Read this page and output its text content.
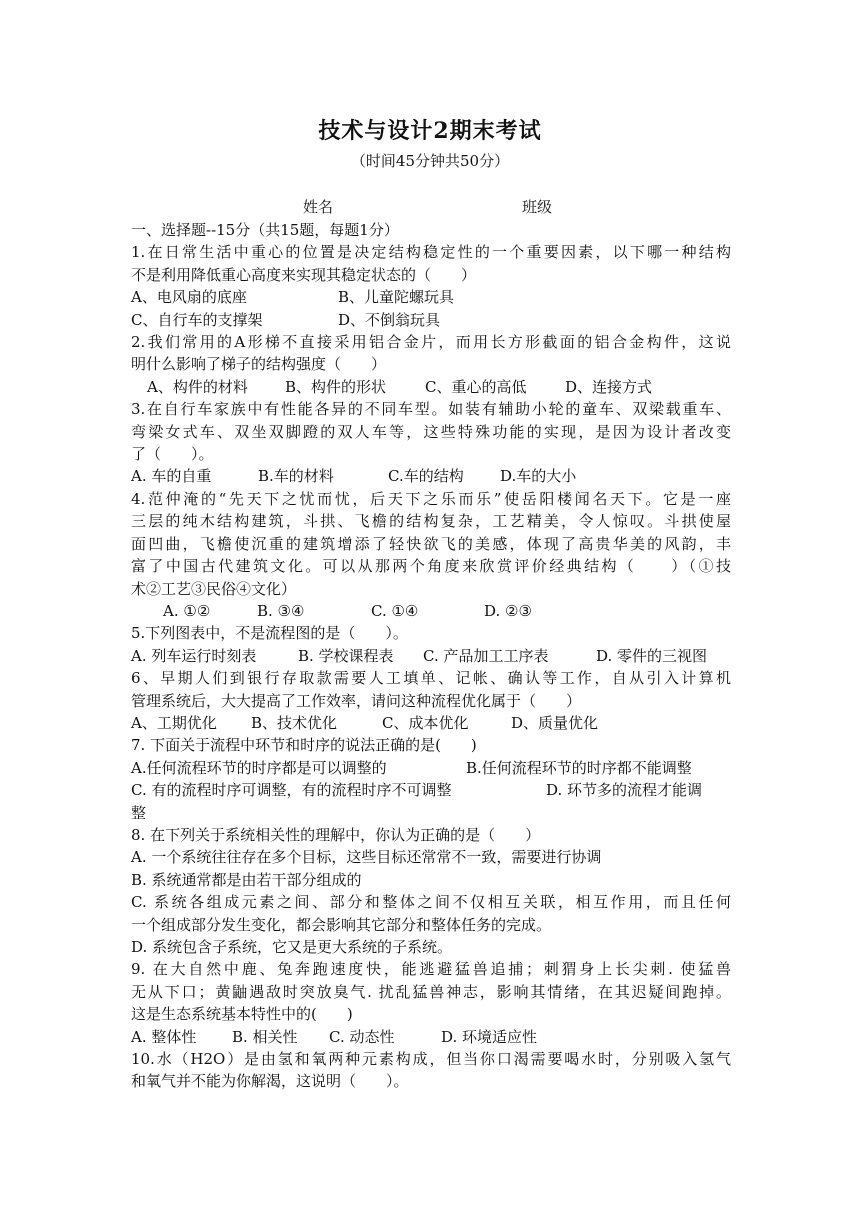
技术与设计2期末考试
（时间45分钟共50分）
姓名	班级
一、选择题--15分（共15题，每题1分）
1.在日常生活中重心的位置是决定结构稳定性的一个重要因素，以下哪一种结构
不是利用降低重心高度来实现其稳定状态的（　　）
A、电风扇的底座	B、儿童陀螺玩具
C、自行车的支撑架	D、不倒翁玩具
2.我们常用的A形梯不直接采用铝合金片，而用长方形截面的铝合金构件，这说
明什么影响了梯子的结构强度（　　）
A、构件的材料	B、构件的形状	C、重心的高低	D、连接方式
3.在自行车家族中有性能各异的不同车型。如装有辅助小轮的童车、双梁载重车、
弯梁女式车、双坐双脚蹬的双人车等，这些特殊功能的实现，是因为设计者改变
了（　　）。
A. 车的自重	B.车的材料	C.车的结构	D.车的大小
4.范仲淹的“先天下之忧而忧，后天下之乐而乐”使岳阳楼闻名天下。它是一座
三层的纯木结构建筑，斗拱、飞檐的结构复杂，工艺精美，令人惊叹。斗拱使屋
面凹曲，飞檐使沉重的建筑增添了轻快欲飞的美感，体现了高贵华美的风韵，丰
富了中国古代建筑文化。可以从那两个角度来欣赏评价经典结构（　　）（①技
术②工艺③民俗④文化）
A. ①②	B. ③④	C. ①④	D. ②③
5.下列图表中，不是流程图的是（　　）。
A. 列车运行时刻表	B. 学校课程表	C. 产品加工工序表	D. 零件的三视图
6、早期人们到银行存取款需要人工填单、记帐、确认等工作，自从引入计算机
管理系统后，大大提高了工作效率，请问这种流程优化属于（　　）
A、工期优化	B、技术优化	C、成本优化	D、质量优化
7. 下面关于流程中环节和时序的说法正确的是(　　)
A.任何流程环节的时序都是可以调整的	B.任何流程环节的时序都不能调整
C. 有的流程时序可调整，有的流程时序不可调整	D. 环节多的流程才能调
整
8. 在下列关于系统相关性的理解中，你认为正确的是（　　）
A. 一个系统往往存在多个目标，这些目标还常常不一致，需要进行协调
B. 系统通常都是由若干部分组成的
C. 系统各组成元素之间、部分和整体之间不仅相互关联，相互作用，而且任何
一个组成部分发生变化，都会影响其它部分和整体任务的完成。
D. 系统包含子系统，它又是更大系统的子系统。
9. 在大自然中鹿、兔奔跑速度快，能逃避猛兽追捕；刺猬身上长尖刺. 使猛兽
无从下口；黄鼬遇敌时突放臭气. 扰乱猛兽神志，影响其情绪，在其迟疑间跑掉。
这是生态系统基本特性中的(　　)
A. 整体性	B. 相关性	C. 动态性	D. 环境适应性
10.水（H2O）是由氢和氧两种元素构成，但当你口渴需要喝水时，分别吸入氢气
和氧气并不能为你解渴，这说明（　　）。
